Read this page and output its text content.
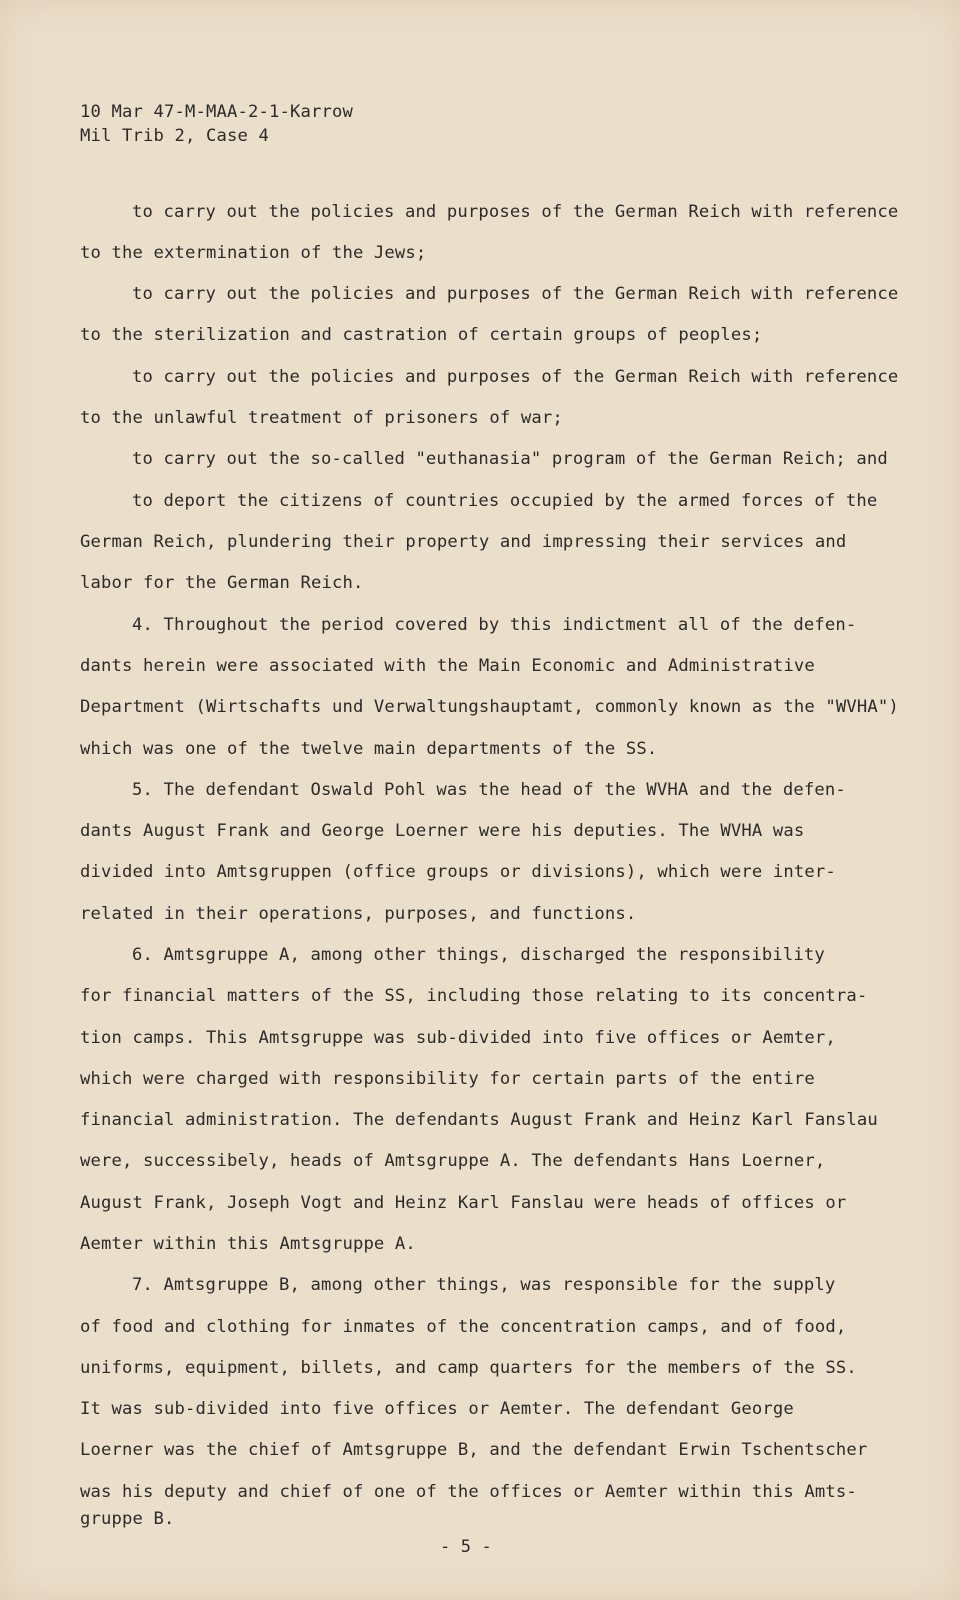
10 Mar 47-M-MAA-2-1-Karrow
Mil Trib 2, Case 4
to carry out the policies and purposes of the German Reich with reference
to the extermination of the Jews;
to carry out the policies and purposes of the German Reich with reference
to the sterilization and castration of certain groups of peoples;
to carry out the policies and purposes of the German Reich with reference
to the unlawful treatment of prisoners of war;
to carry out the so-called "euthanasia" program of the German Reich; and
to deport the citizens of countries occupied by the armed forces of the
German Reich, plundering their property and impressing their services and
labor for the German Reich.
4. Throughout the period covered by this indictment all of the defen-
dants herein were associated with the Main Economic and Administrative
Department (Wirtschafts und Verwaltungshauptamt, commonly known as the "WVHA")
which was one of the twelve main departments of the SS.
5. The defendant Oswald Pohl was the head of the WVHA and the defen-
dants August Frank and George Loerner were his deputies. The WVHA was
divided into Amtsgruppen (office groups or divisions), which were inter-
related in their operations, purposes, and functions.
6. Amtsgruppe A, among other things, discharged the responsibility
for financial matters of the SS, including those relating to its concentra-
tion camps. This Amtsgruppe was sub-divided into five offices or Aemter,
which were charged with responsibility for certain parts of the entire
financial administration. The defendants August Frank and Heinz Karl Fanslau
were, successibely, heads of Amtsgruppe A. The defendants Hans Loerner,
August Frank, Joseph Vogt and Heinz Karl Fanslau were heads of offices or
Aemter within this Amtsgruppe A.
7. Amtsgruppe B, among other things, was responsible for the supply
of food and clothing for inmates of the concentration camps, and of food,
uniforms, equipment, billets, and camp quarters for the members of the SS.
It was sub-divided into five offices or Aemter. The defendant George
Loerner was the chief of Amtsgruppe B, and the defendant Erwin Tschentscher
was his deputy and chief of one of the offices or Aemter within this Amts-
gruppe B.
- 5 -
